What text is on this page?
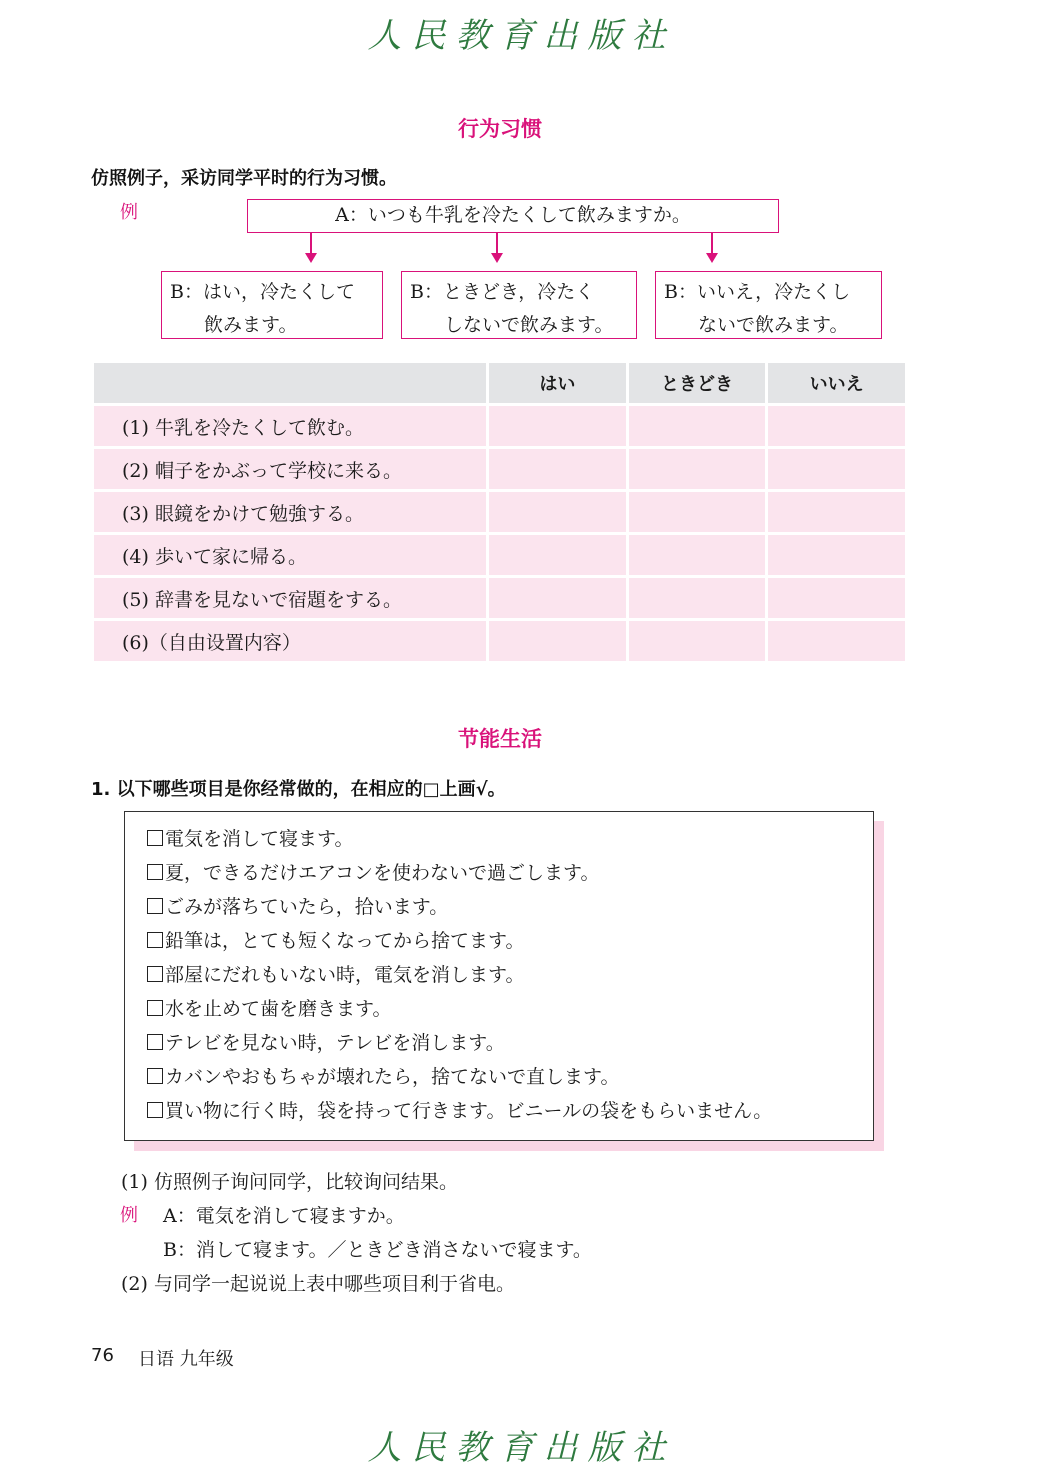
人民教育出版社
行为习惯
仿照例子，采访同学平时的行为习惯。
例	A：いつも牛乳を冷たくして飲みますか。
B：はい，冷たくして
飲みます。
B：ときどき，冷たく
しないで飲みます。
B：いいえ，冷たくし
ないで飲みます。
	はい	ときどき	いいえ
(1) 牛乳を冷たくして飲む。			
(2) 帽子をかぶって学校に来る。			
(3) 眼鏡をかけて勉強する。			
(4) 歩いて家に帰る。			
(5) 辞書を見ないで宿題をする。			
(6)（自由设置内容）			
节能生活
1. 以下哪些项目是你经常做的，在相应的□上画√。
電気を消して寝ます。
夏，できるだけエアコンを使わないで過ごします。
ごみが落ちていたら，拾います。
鉛筆は，とても短くなってから捨てます。
部屋にだれもいない時，電気を消します。
水を止めて歯を磨きます。
テレビを見ない時，テレビを消します。
カバンやおもちゃが壊れたら，捨てないで直します。
買い物に行く時，袋を持って行きます。ビニールの袋をもらいません。
(1) 仿照例子询问同学，比较询问结果。
例 A：電気を消して寝ますか。
B：消して寝ます。／ときどき消さないで寝ます。
(2) 与同学一起说说上表中哪些项目利于省电。
76 日语 九年级
人民教育出版社
